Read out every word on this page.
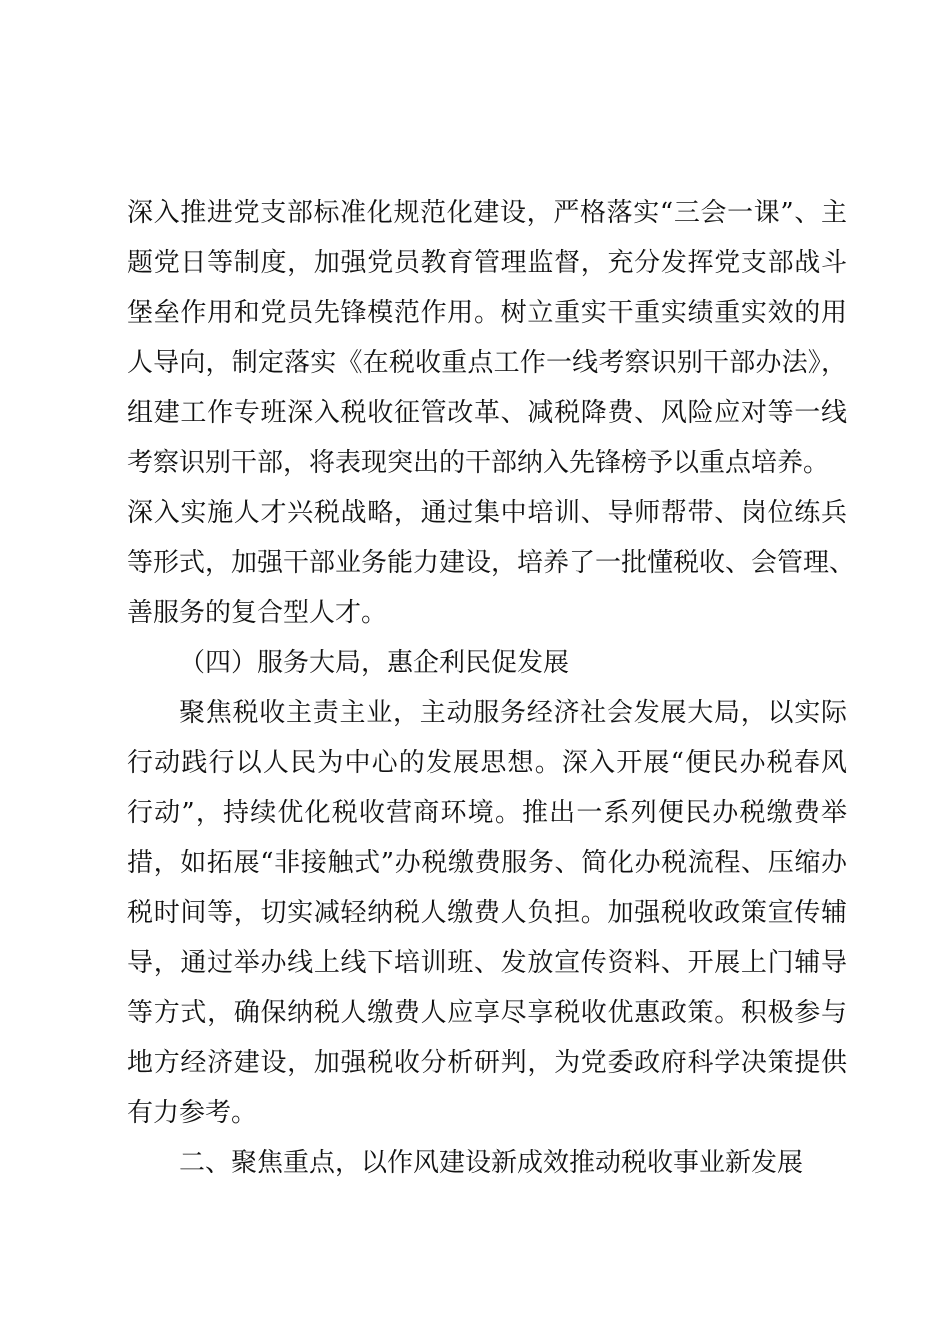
深入推进党支部标准化规范化建设，严格落实“三会一课”、主
题党日等制度，加强党员教育管理监督，充分发挥党支部战斗
堡垒作用和党员先锋模范作用。树立重实干重实绩重实效的用
人导向，制定落实《在税收重点工作一线考察识别干部办法》，
组建工作专班深入税收征管改革、减税降费、风险应对等一线
考察识别干部，将表现突出的干部纳入先锋榜予以重点培养。
深入实施人才兴税战略，通过集中培训、导师帮带、岗位练兵
等形式，加强干部业务能力建设，培养了一批懂税收、会管理、
善服务的复合型人才。
（四）服务大局，惠企利民促发展
聚焦税收主责主业，主动服务经济社会发展大局，以实际
行动践行以人民为中心的发展思想。深入开展“便民办税春风
行动”，持续优化税收营商环境。推出一系列便民办税缴费举
措，如拓展“非接触式”办税缴费服务、简化办税流程、压缩办
税时间等，切实减轻纳税人缴费人负担。加强税收政策宣传辅
导，通过举办线上线下培训班、发放宣传资料、开展上门辅导
等方式，确保纳税人缴费人应享尽享税收优惠政策。积极参与
地方经济建设，加强税收分析研判，为党委政府科学决策提供
有力参考。
二、聚焦重点，以作风建设新成效推动税收事业新发展
